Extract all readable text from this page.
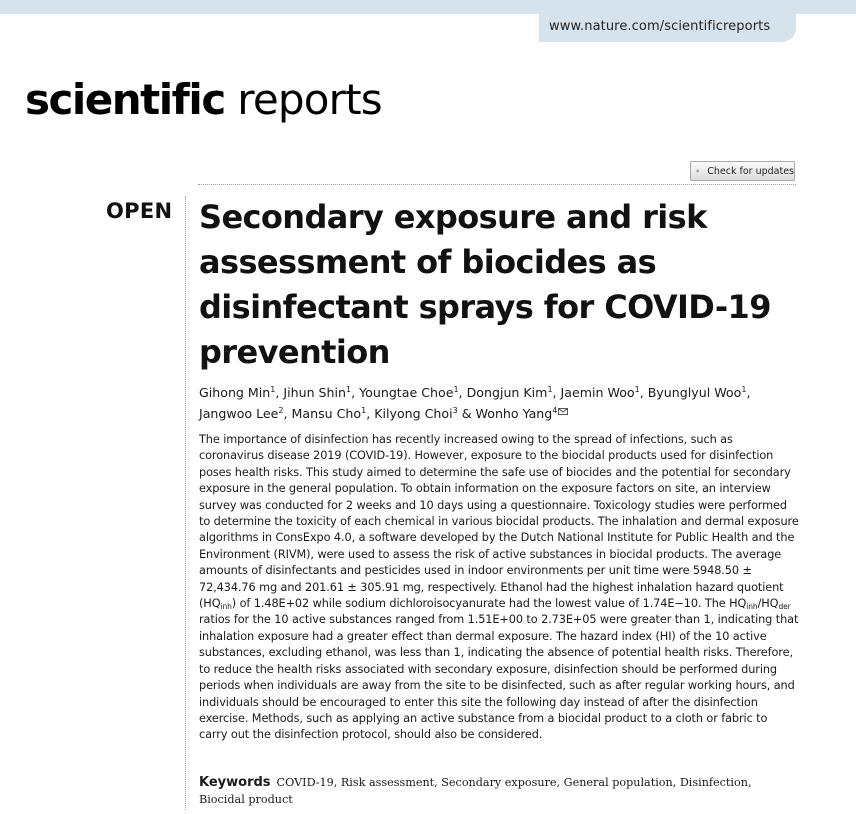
www.nature.com/scientificreports
scientific reports
Check for updates
OPEN Secondary exposure and risk assessment of biocides as disinfectant sprays for COVID-19 prevention

Gihong Min$^1$, Jihun Shin$^1$, Youngtae Choe$^1$, Dongjun Kim$^1$, Jaemin Woo$^1$, Byunglyul Woo$^1$, Jangwoo Lee$^2$, Mansu Cho$^1$, Kilyong Choi$^3$ & Wonho Yang$^4$

The importance of disinfection has recently increased owing to the spread of infections, such as coronavirus disease 2019 (COVID-19). However, exposure to the biocidal products used for disinfection poses health risks. This study aimed to determine the safe use of biocides and the potential for secondary exposure in the general population. To obtain information on the exposure factors on site, an interview survey was conducted for 2 weeks and 10 days using a questionnaire. Toxicology studies were performed to determine the toxicity of each chemical in various biocidal products. The inhalation and dermal exposure algorithms in ConsExpo 4.0, a software developed by the Dutch National Institute for Public Health and the Environment (RIVM), were used to assess the risk of active substances in biocidal products. The average amounts of disinfectants and pesticides used in indoor environments per unit time were 5948.50 ± 72,434.76 mg and 201.61 ± 305.91 mg, respectively. Ethanol had the highest inhalation hazard quotient $(HQ_{inh})$ of 1.48E+02 while sodium dichloroisocyanurate had the lowest value of 1.74E−10. The $HQ_{inh}/HQ_{der}$ ratios for the 10 active substances ranged from 1.51E+00 to 2.73E+05 were greater than 1, indicating that inhalation exposure had a greater effect than dermal exposure. The hazard index (HI) of the 10 active substances, excluding ethanol, was less than 1, indicating the absence of potential health risks. Therefore, to reduce the health risks associated with secondary exposure, disinfection should be performed during periods when individuals are away from the site to be disinfected, such as after regular working hours, and individuals should be encouraged to enter this site the following day instead of after the disinfection exercise. Methods, such as applying an active substance from a biocidal product to a cloth or fabric to carry out the disinfection protocol, should also be considered.

Keywords COVID-19, Risk assessment, Secondary exposure, General population, Disinfection, Biocidal product
